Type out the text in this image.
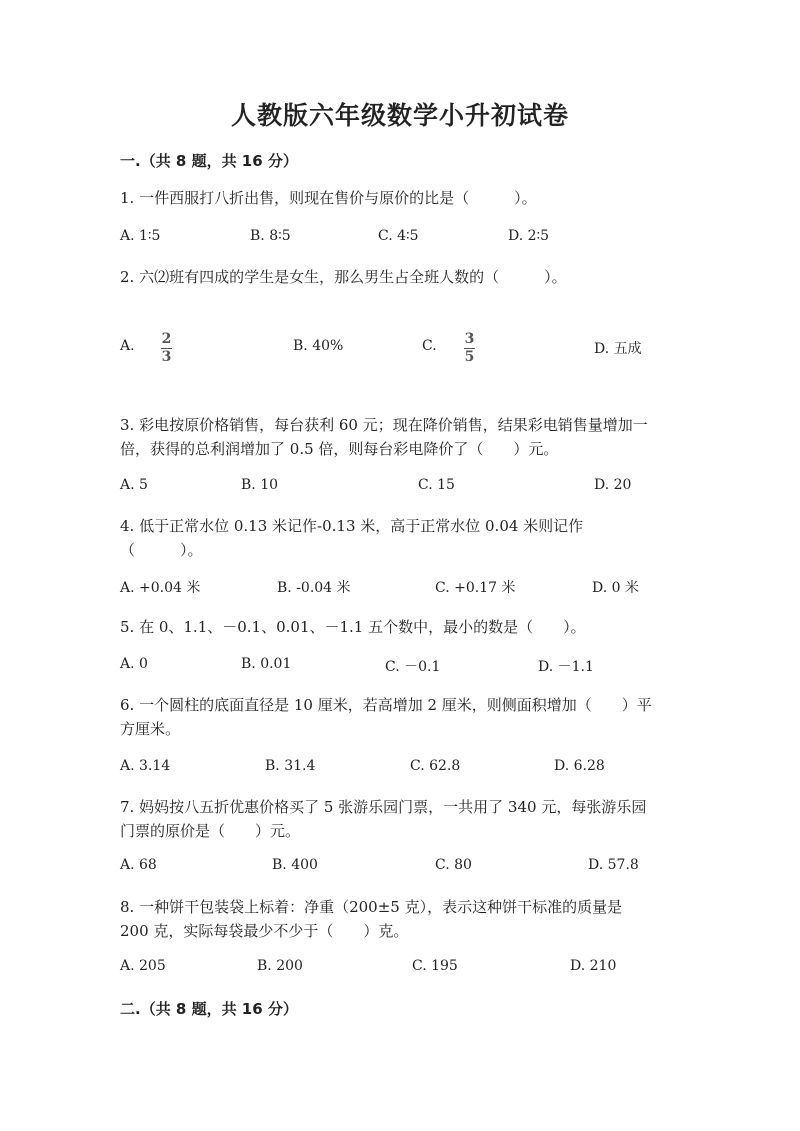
人教版六年级数学小升初试卷
一.（共 8 题，共 16 分）
1. 一件西服打八折出售，则现在售价与原价的比是（　　　）。
A. 1∶5	B. 8∶5	C. 4∶5	D. 2∶5
2. 六⑵班有四成的学生是女生，那么男生占全班人数的（　　　）。
A. 2
3
B. 40%	C. 3
5	D. 五成
3. 彩电按原价格销售，每台获利 60 元；现在降价销售，结果彩电销售量增加一
倍，获得的总利润增加了 0.5 倍，则每台彩电降价了（　　）元。
A. 5	B. 10	C. 15	D. 20
4. 低于正常水位 0.13 米记作-0.13 米，高于正常水位 0.04 米则记作
（　　　）。
A. +0.04 米	B. -0.04 米	C. +0.17 米	D. 0 米
5. 在 0、1.1、－0.1、0.01、－1.1 五个数中，最小的数是（　　）。
A. 0	B. 0.01	C. －0.1	D. －1.1
6. 一个圆柱的底面直径是 10 厘米，若高增加 2 厘米，则侧面积增加（　　）平
方厘米。
A. 3.14	B. 31.4	C. 62.8	D. 6.28
7. 妈妈按八五折优惠价格买了 5 张游乐园门票，一共用了 340 元，每张游乐园
门票的原价是（　　）元。
A. 68	B. 400	C. 80	D. 57.8
8. 一种饼干包装袋上标着：净重（200±5 克），表示这种饼干标准的质量是
200 克，实际每袋最少不少于（　　）克。
A. 205	B. 200	C. 195	D. 210
二.（共 8 题，共 16 分）
